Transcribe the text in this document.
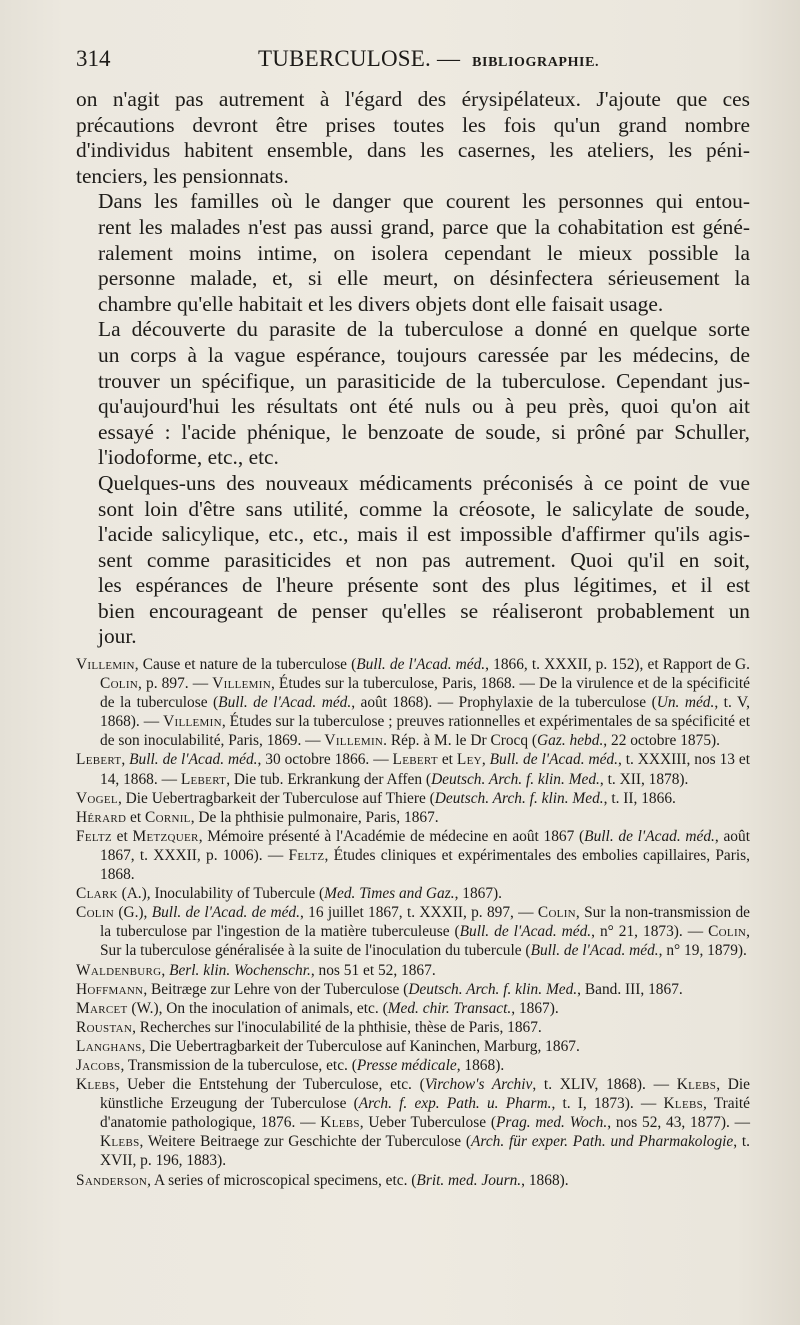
314	TUBERCULOSE. — BIBLIOGRAPHIE.

on n'agit pas autrement à l'égard des érysipélateux. J'ajoute que ces
précautions devront être prises toutes les fois qu'un grand nombre
d'individus habitent ensemble, dans les casernes, les ateliers, les péni-
tenciers, les pensionnats.

Dans les familles où le danger que courent les personnes qui entou-
rent les malades n'est pas aussi grand, parce que la cohabitation est géné-
ralement moins intime, on isolera cependant le mieux possible la
personne malade, et, si elle meurt, on désinfectera sérieusement la
chambre qu'elle habitait et les divers objets dont elle faisait usage.

La découverte du parasite de la tuberculose a donné en quelque sorte
un corps à la vague espérance, toujours caressée par les médecins, de
trouver un spécifique, un parasiticide de la tuberculose. Cependant jus-
qu'aujourd'hui les résultats ont été nuls ou à peu près, quoi qu'on ait
essayé : l'acide phénique, le benzoate de soude, si prôné par Schuller,
l'iodoforme, etc., etc.

Quelques-uns des nouveaux médicaments préconisés à ce point de vue
sont loin d'être sans utilité, comme la créosote, le salicylate de soude,
l'acide salicylique, etc., etc., mais il est impossible d'affirmer qu'ils agis-
sent comme parasiticides et non pas autrement. Quoi qu'il en soit,
les espérances de l'heure présente sont des plus légitimes, et il est
bien encourageant de penser qu'elles se réaliseront probablement un
jour.

Villemin, Cause et nature de la tuberculose (Bull. de l'Acad. méd., 1866, t. XXXII, p. 152), et Rapport de G. Colin, p. 897. — Villemin, Études sur la tuberculose, Paris, 1868. — De la virulence et de la spécificité de la tuberculose (Bull. de l'Acad. méd., août 1868). — Prophylaxie de la tuberculose (Un. méd., t. V, 1868). — Villemin, Études sur la tuberculose ; preuves rationnelles et expérimentales de sa spécificité et de son inoculabilité, Paris, 1869. — Villemin. Rép. à M. le Dr Crocq (Gaz. hebd., 22 octobre 1875).
Lebert, Bull. de l'Acad. méd., 30 octobre 1866. — Lebert et Ley, Bull. de l'Acad. méd., t. XXXIII, nos 13 et 14, 1868. — Lebert, Die tub. Erkrankung der Affen (Deutsch. Arch. f. klin. Med., t. XII, 1878).
Vogel, Die Uebertragbarkeit der Tuberculose auf Thiere (Deutsch. Arch. f. klin. Med., t. II, 1866.
Hérard et Cornil, De la phthisie pulmonaire, Paris, 1867.
Feltz et Metzquer, Mémoire présenté à l'Académie de médecine en août 1867 (Bull. de l'Acad. méd., août 1867, t. XXXII, p. 1006). — Feltz, Études cliniques et expérimentales des embolies capillaires, Paris, 1868.
Clark (A.), Inoculability of Tubercule (Med. Times and Gaz., 1867).
Colin (G.), Bull. de l'Acad. de méd., 16 juillet 1867, t. XXXII, p. 897, — Colin, Sur la non-transmission de la tuberculose par l'ingestion de la matière tuberculeuse (Bull. de l'Acad. méd., n° 21, 1873). — Colin, Sur la tuberculose généralisée à la suite de l'inoculation du tubercule (Bull. de l'Acad. méd., n° 19, 1879).
Waldenburg, Berl. klin. Wochenschr., nos 51 et 52, 1867.
Hoffmann, Beitræge zur Lehre von der Tuberculose (Deutsch. Arch. f. klin. Med., Band. III, 1867.
Marcet (W.), On the inoculation of animals, etc. (Med. chir. Transact., 1867).
Roustan, Recherches sur l'inoculabilité de la phthisie, thèse de Paris, 1867.
Langhans, Die Uebertragbarkeit der Tuberculose auf Kaninchen, Marburg, 1867.
Jacobs, Transmission de la tuberculose, etc. (Presse médicale, 1868).
Klebs, Ueber die Entstehung der Tuberculose, etc. (Virchow's Archiv, t. XLIV, 1868). — Klebs, Die künstliche Erzeugung der Tuberculose (Arch. f. exp. Path. u. Pharm., t. I, 1873). — Klebs, Traité d'anatomie pathologique, 1876. — Klebs, Ueber Tuberculose (Prag. med. Woch., nos 52, 43, 1877). — Klebs, Weitere Beitraege zur Geschichte der Tuberculose (Arch. für exper. Path. und Pharmakologie, t. XVII, p. 196, 1883).
Sanderson, A series of microscopical specimens, etc. (Brit. med. Journ., 1868).
